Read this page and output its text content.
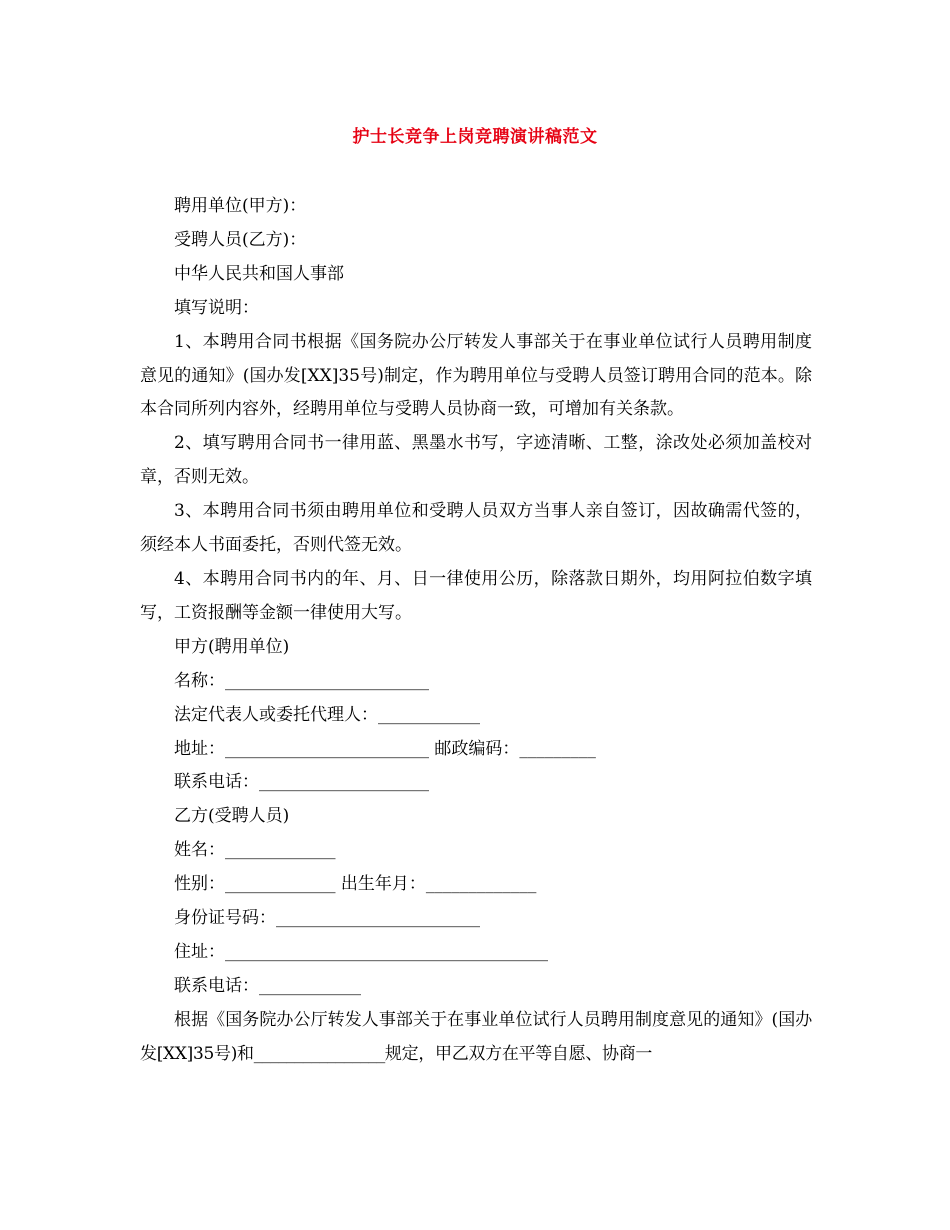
护士长竞争上岗竞聘演讲稿范文

聘用单位(甲方)：

受聘人员(乙方)：

中华人民共和国人事部

填写说明：

1、本聘用合同书根据《国务院办公厅转发人事部关于在事业单位试行人员聘用制度意见的通知》(国办发[XX]35号)制定，作为聘用单位与受聘人员签订聘用合同的范本。除本合同所列内容外，经聘用单位与受聘人员协商一致，可增加有关条款。

2、填写聘用合同书一律用蓝、黑墨水书写，字迹清晰、工整，涂改处必须加盖校对章，否则无效。

3、本聘用合同书须由聘用单位和受聘人员双方当事人亲自签订，因故确需代签的，须经本人书面委托，否则代签无效。

4、本聘用合同书内的年、月、日一律使用公历，除落款日期外，均用阿拉伯数字填写，工资报酬等金额一律使用大写。

甲方(聘用单位)

名称：________________________

法定代表人或委托代理人：____________

地址：________________________ 邮政编码：_________

联系电话：____________________

乙方(受聘人员)

姓名：_____________

性别：_____________ 出生年月：_____________

身份证号码：________________________

住址：______________________________________

联系电话：____________

根据《国务院办公厅转发人事部关于在事业单位试行人员聘用制度意见的通知》(国办发[XX]35号)和________________规定，甲乙双方在平等自愿、协商一
